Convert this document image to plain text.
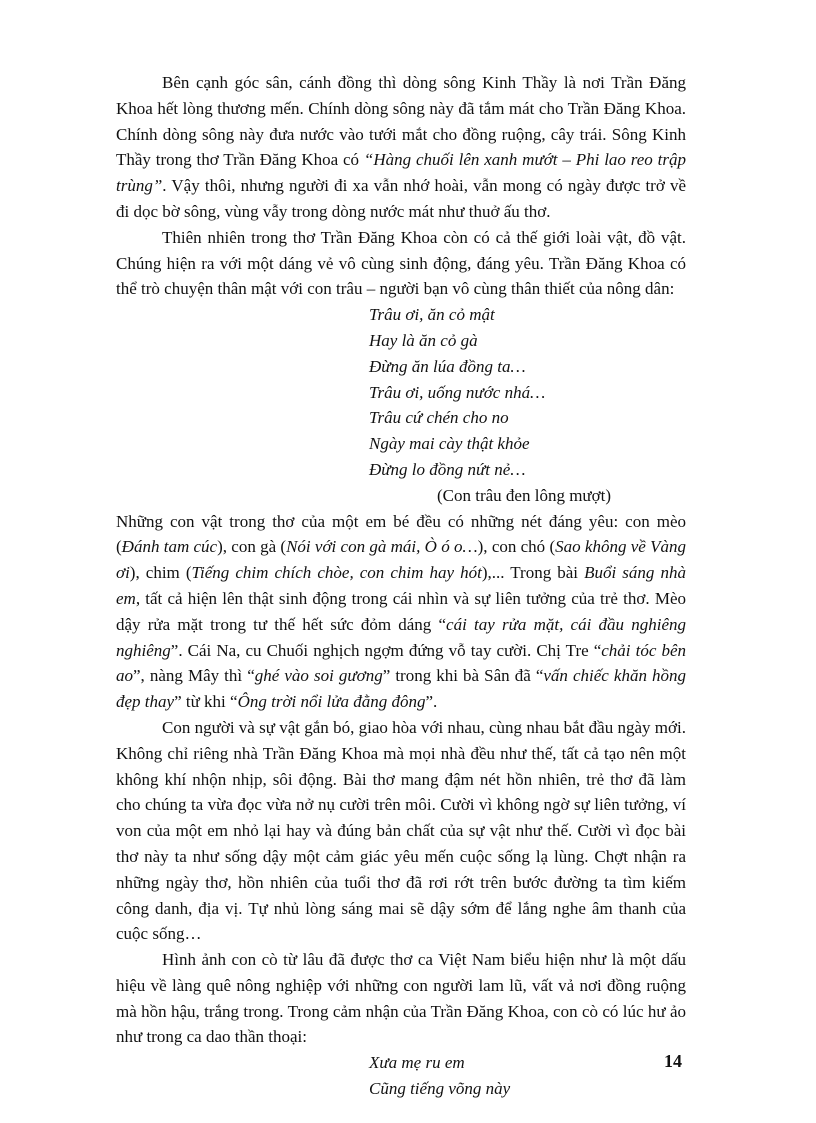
Bên cạnh góc sân, cánh đồng thì dòng sông Kinh Thầy là nơi Trần Đăng Khoa hết lòng thương mến. Chính dòng sông này đã tắm mát cho Trần Đăng Khoa. Chính dòng sông này đưa nước vào tưới mắt cho đồng ruộng, cây trái. Sông Kinh Thầy trong thơ Trần Đăng Khoa có “Hàng chuối lên xanh mướt – Phi lao reo trập trùng”. Vậy thôi, nhưng người đi xa vẫn nhớ hoài, vẫn mong có ngày được trở về đi dọc bờ sông, vùng vẫy trong dòng nước mát như thuở ấu thơ.

Thiên nhiên trong thơ Trần Đăng Khoa còn có cả thế giới loài vật, đồ vật. Chúng hiện ra với một dáng vẻ vô cùng sinh động, đáng yêu. Trần Đăng Khoa có thể trò chuyện thân mật với con trâu – người bạn vô cùng thân thiết của nông dân:

Trâu ơi, ăn cỏ mật
Hay là ăn cỏ gà
Đừng ăn lúa đồng ta…
Trâu ơi, uống nước nhá…
Trâu cứ chén cho no
Ngày mai cày thật khỏe
Đừng lo đồng nứt nẻ…
(Con trâu đen lông mượt)

Những con vật trong thơ của một em bé đều có những nét đáng yêu: con mèo (Đánh tam cúc), con gà (Nói với con gà mái, Ò ó o…), con chó (Sao không về Vàng ơi), chim (Tiếng chim chích chòe, con chim hay hót),... Trong bài Buổi sáng nhà em, tất cả hiện lên thật sinh động trong cái nhìn và sự liên tưởng của trẻ thơ. Mèo dậy rửa mặt trong tư thế hết sức đỏm dáng “cái tay rửa mặt, cái đầu nghiêng nghiêng”. Cái Na, cu Chuối nghịch ngợm đứng vỗ tay cười. Chị Tre “chải tóc bên ao”, nàng Mây thì “ghé vào soi gương” trong khi bà Sân đã “vấn chiếc khăn hồng đẹp thay” từ khi “Ông trời nổi lửa đằng đông”.

Con người và sự vật gắn bó, giao hòa với nhau, cùng nhau bắt đầu ngày mới. Không chỉ riêng nhà Trần Đăng Khoa mà mọi nhà đều như thế, tất cả tạo nên một không khí nhộn nhịp, sôi động. Bài thơ mang đậm nét hồn nhiên, trẻ thơ đã làm cho chúng ta vừa đọc vừa nở nụ cười trên môi. Cười vì không ngờ sự liên tưởng, ví von của một em nhỏ lại hay và đúng bản chất của sự vật như thế. Cười vì đọc bài thơ này ta như sống dậy một cảm giác yêu mến cuộc sống lạ lùng. Chợt nhận ra những ngày thơ, hồn nhiên của tuổi thơ đã rơi rớt trên bước đường ta tìm kiếm công danh, địa vị. Tự nhủ lòng sáng mai sẽ dậy sớm để lắng nghe âm thanh của cuộc sống…

Hình ảnh con cò từ lâu đã được thơ ca Việt Nam biểu hiện như là một dấu hiệu về làng quê nông nghiệp với những con người lam lũ, vất vả nơi đồng ruộng mà hồn hậu, trắng trong. Trong cảm nhận của Trần Đăng Khoa, con cò có lúc hư ảo như trong ca dao thần thoại:

Xưa mẹ ru em
Cũng tiếng võng này
14
